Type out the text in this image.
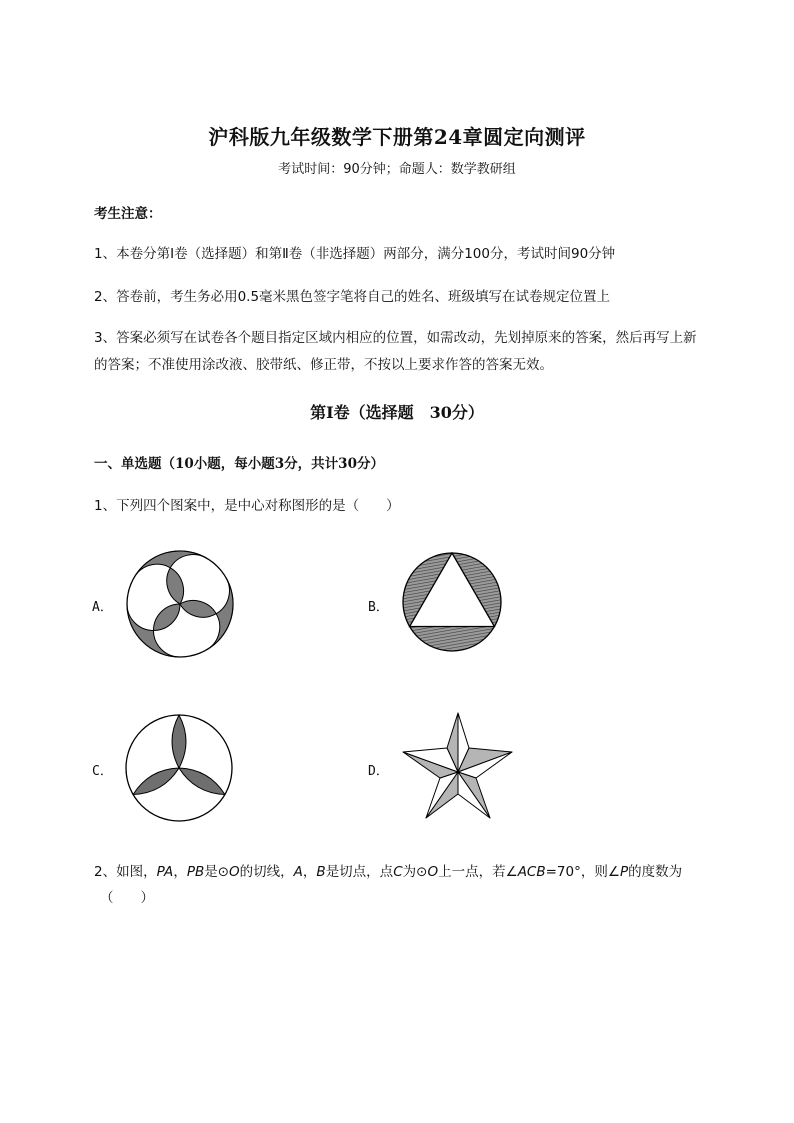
沪科版九年级数学下册第24章圆定向测评
考试时间：90分钟；命题人：数学教研组
考生注意：
1、本卷分第I卷（选择题）和第Ⅱ卷（非选择题）两部分，满分100分，考试时间90分钟
2、答卷前，考生务必用0.5毫米黑色签字笔将自己的姓名、班级填写在试卷规定位置上
3、答案必须写在试卷各个题目指定区域内相应的位置，如需改动，先划掉原来的答案，然后再写上新
的答案；不准使用涂改液、胶带纸、修正带，不按以上要求作答的答案无效。
第I卷（选择题　30分）
一、单选题（10小题，每小题3分，共计30分）
1、下列四个图案中，是中心对称图形的是（　　）
A．	B．
C．	D．
2、如图，PA，PB是⊙O的切线，A，B是切点，点C为⊙O上一点，若∠ACB=70°，则∠P的度数为
（　　）
